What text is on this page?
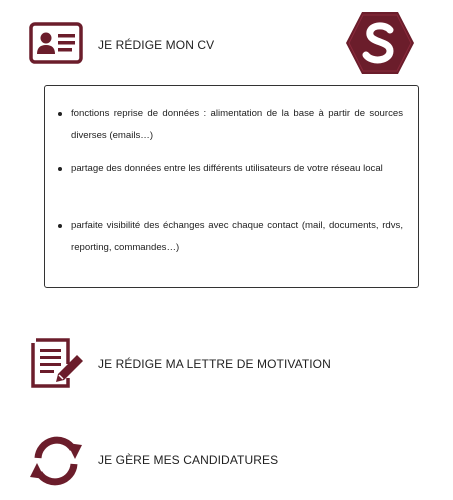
JE RÉDIGE MON CV
fonctions reprise de données : alimentation de la base à partir de sources diverses (emails…)
partage des données entre les différents utilisateurs de votre réseau local
parfaite visibilité des échanges avec chaque contact (mail, documents, rdvs, reporting, commandes…)
JE RÉDIGE MA LETTRE DE MOTIVATION
JE GÈRE MES CANDIDATURES
